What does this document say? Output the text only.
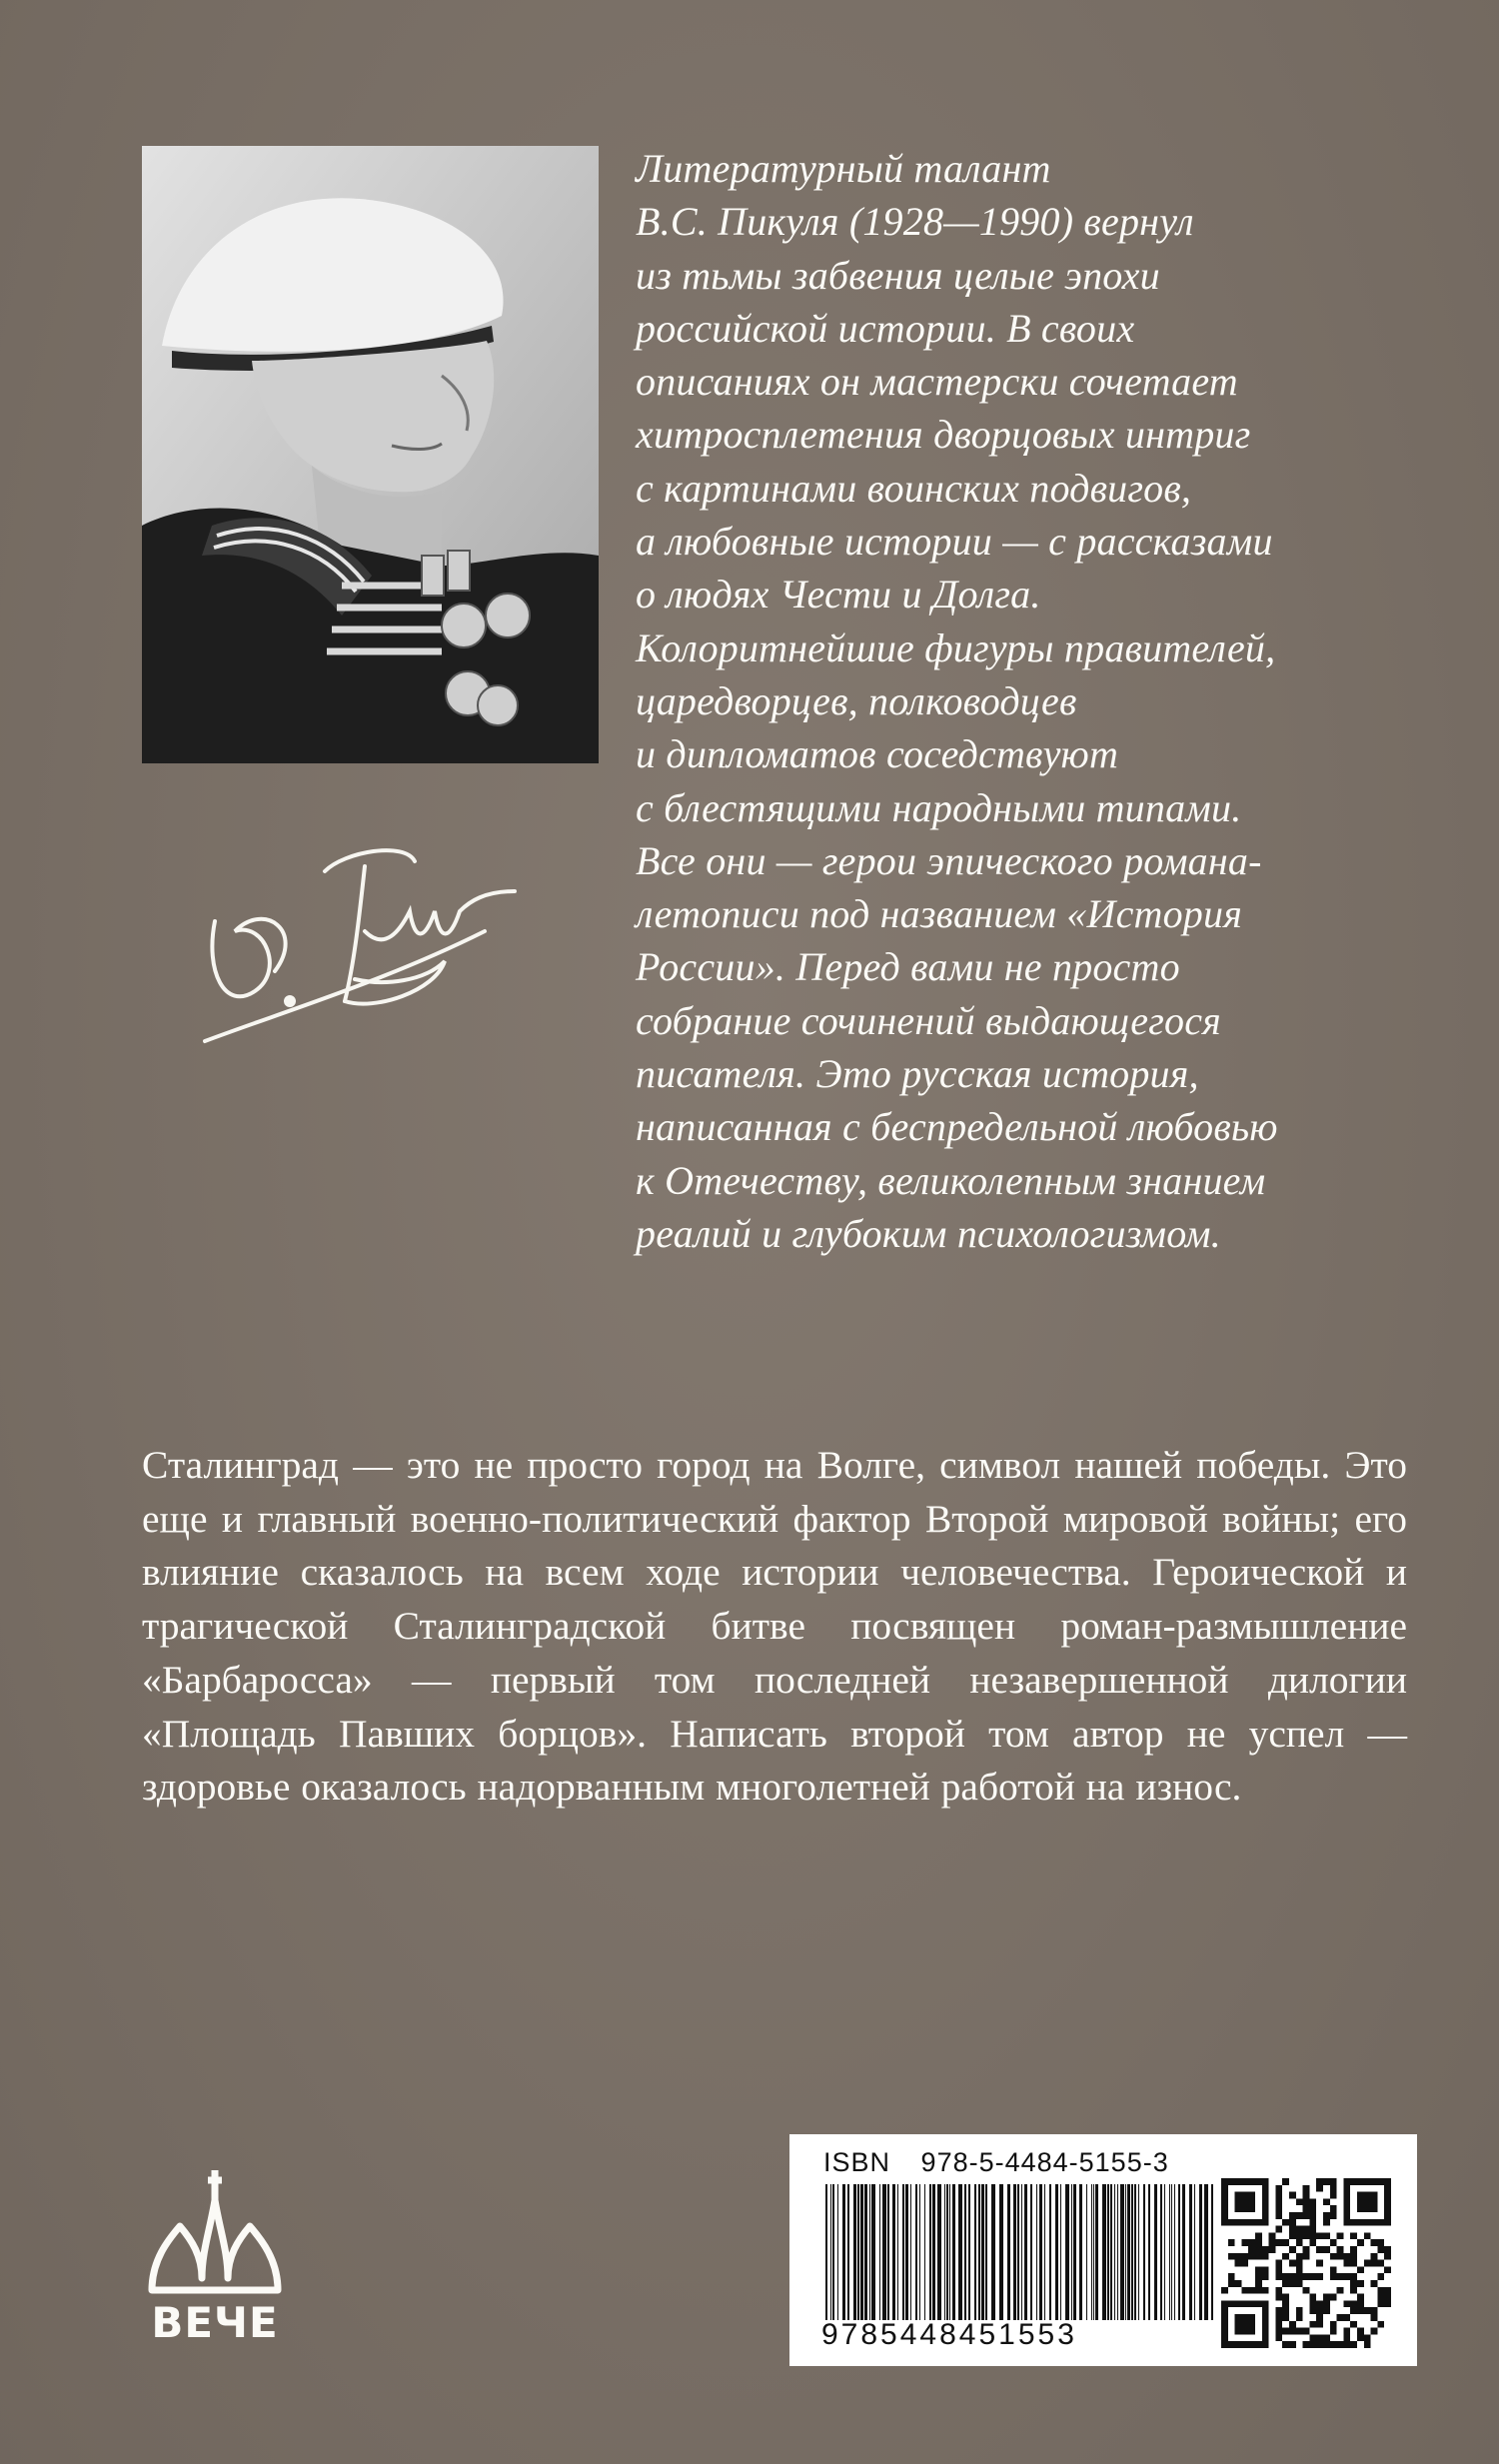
Литературный талант
В.С. Пикуля (1928—1990) вернул
из тьмы забвения целые эпохи
российской истории. В своих
описаниях он мастерски сочетает
хитросплетения дворцовых интриг
с картинами воинских подвигов,
а любовные истории — с рассказами
о людях Чести и Долга.
Колоритнейшие фигуры правителей,
царедворцев, полководцев
и дипломатов соседствуют
с блестящими народными типами.
Все они — герои эпического романа-
летописи под названием «История
России». Перед вами не просто
собрание сочинений выдающегося
писателя. Это русская история,
написанная с беспредельной любовью
к Отечеству, великолепным знанием
реалий и глубоким психологизмом.
Сталинград — это не просто город на Волге, символ нашей победы. Это еще и главный военно-политический фактор Второй мировой войны; его влияние сказалось на всем ходе истории человечества. Героической и трагической Сталинградской битве посвящен роман-размышление «Барбаросса» — первый том последней незавершенной дилогии «Площадь Павших борцов». Написать второй том автор не успел — здоровье оказалось надорванным многолетней работой на износ.
ВЕЧЕ
ISBN 978-5-4484-5155-3
9785448451553
